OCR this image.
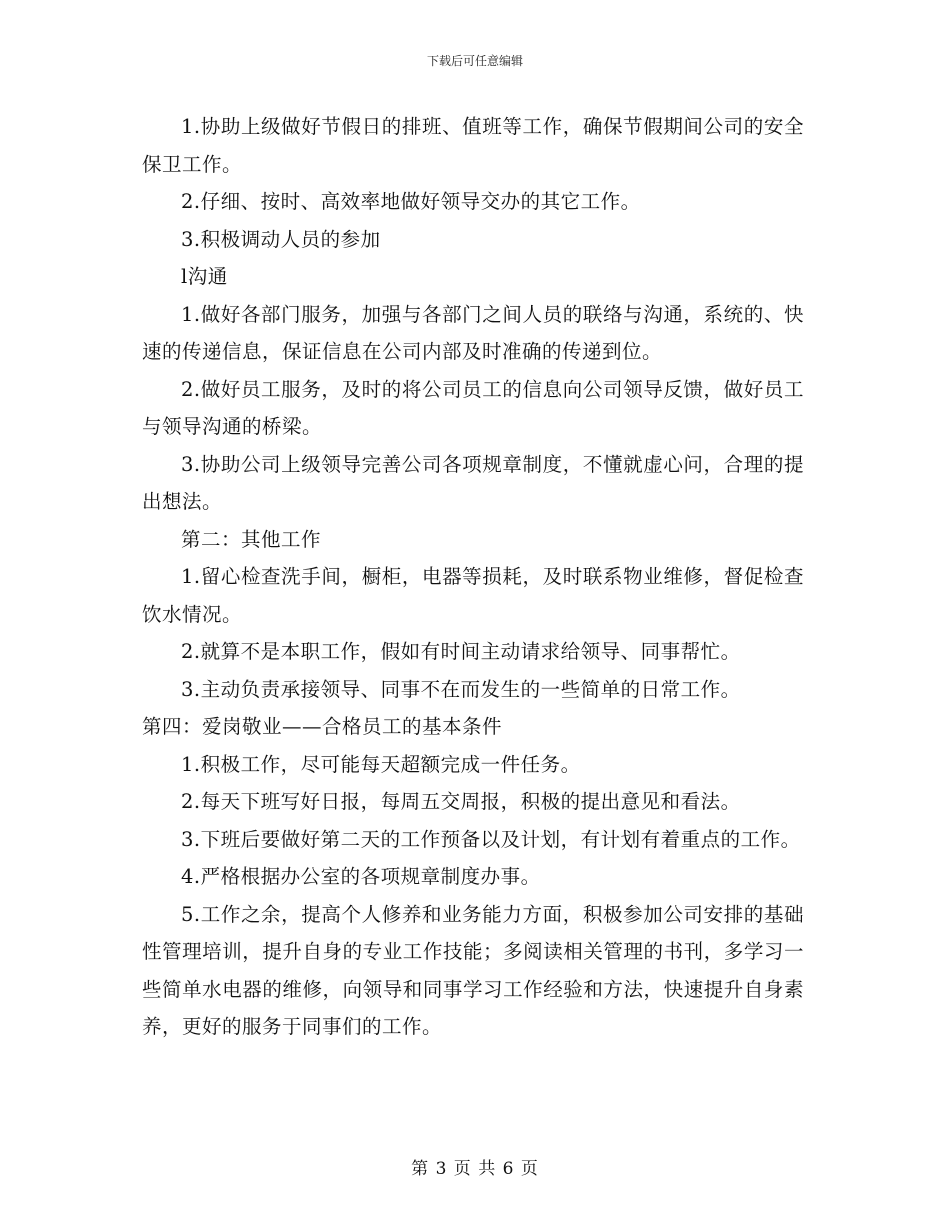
下载后可任意编辑

1.协助上级做好节假日的排班、值班等工作，确保节假期间公司的安全保卫工作。

2.仔细、按时、高效率地做好领导交办的其它工作。

3.积极调动人员的参加

l沟通

1.做好各部门服务，加强与各部门之间人员的联络与沟通，系统的、快速的传递信息，保证信息在公司内部及时准确的传递到位。

2.做好员工服务，及时的将公司员工的信息向公司领导反馈，做好员工与领导沟通的桥梁。

3.协助公司上级领导完善公司各项规章制度，不懂就虚心问，合理的提出想法。

第二：其他工作

1.留心检查洗手间，橱柜，电器等损耗，及时联系物业维修，督促检查饮水情况。

2.就算不是本职工作，假如有时间主动请求给领导、同事帮忙。

3.主动负责承接领导、同事不在而发生的一些简单的日常工作。

第四：爱岗敬业——合格员工的基本条件

1.积极工作，尽可能每天超额完成一件任务。

2.每天下班写好日报，每周五交周报，积极的提出意见和看法。

3.下班后要做好第二天的工作预备以及计划，有计划有着重点的工作。

4.严格根据办公室的各项规章制度办事。

5.工作之余，提高个人修养和业务能力方面，积极参加公司安排的基础性管理培训，提升自身的专业工作技能；多阅读相关管理的书刊，多学习一些简单水电器的维修，向领导和同事学习工作经验和方法，快速提升自身素养，更好的服务于同事们的工作。

第 3 页 共 6 页
